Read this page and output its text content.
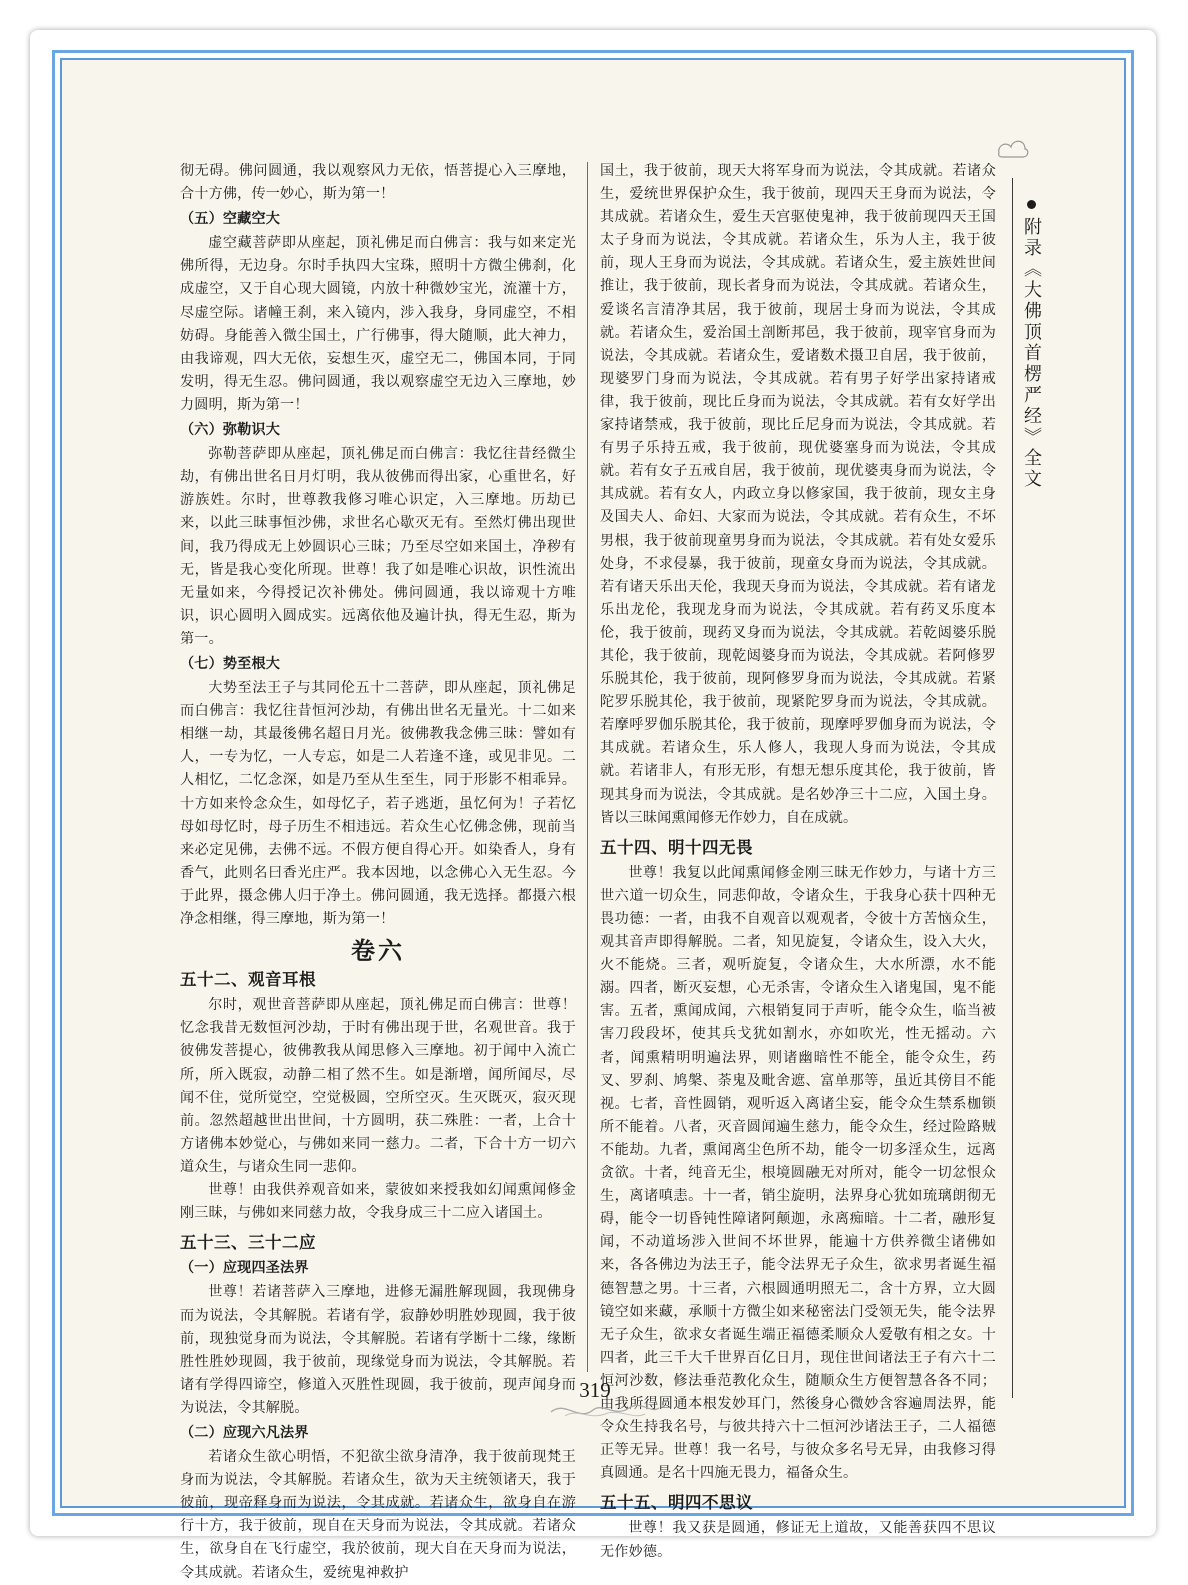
彻无碍。佛问圆通，我以观察风力无依，悟菩提心入三摩地，合十方佛，传一妙心，斯为第一！

（五）空藏空大

虚空藏菩萨即从座起，顶礼佛足而白佛言：我与如来定光佛所得，无边身。尔时手执四大宝珠，照明十方微尘佛刹，化成虚空，又于自心现大圆镜，内放十种微妙宝光，流灌十方，尽虚空际。诸幢王刹，来入镜内，涉入我身，身同虚空，不相妨碍。身能善入微尘国土，广行佛事，得大随顺，此大神力，由我谛观，四大无依，妄想生灭，虚空无二，佛国本同，于同发明，得无生忍。佛问圆通，我以观察虚空无边入三摩地，妙力圆明，斯为第一！

（六）弥勒识大

弥勒菩萨即从座起，顶礼佛足而白佛言：我忆往昔经微尘劫，有佛出世名日月灯明，我从彼佛而得出家，心重世名，好游族姓。尔时，世尊教我修习唯心识定，入三摩地。历劫已来，以此三昧事恒沙佛，求世名心歇灭无有。至然灯佛出现世间，我乃得成无上妙圆识心三昧；乃至尽空如来国土，净秽有无，皆是我心变化所现。世尊！我了如是唯心识故，识性流出无量如来，今得授记次补佛处。佛问圆通，我以谛观十方唯识，识心圆明入圆成实。远离依他及遍计执，得无生忍，斯为第一。

（七）势至根大

大势至法王子与其同伦五十二菩萨，即从座起，顶礼佛足而白佛言：我忆往昔恒河沙劫，有佛出世名无量光。十二如来相继一劫，其最後佛名超日月光。彼佛教我念佛三昧：譬如有人，一专为忆，一人专忘，如是二人若逢不逢，或见非见。二人相忆，二忆念深，如是乃至从生至生，同于形影不相乖异。十方如来怜念众生，如母忆子，若子逃逝，虽忆何为！子若忆母如母忆时，母子历生不相违远。若众生心忆佛念佛，现前当来必定见佛，去佛不远。不假方便自得心开。如染香人，身有香气，此则名曰香光庄严。我本因地，以念佛心入无生忍。今于此界，摄念佛人归于净土。佛问圆通，我无选择。都摄六根净念相继，得三摩地，斯为第一！

卷六

五十二、观音耳根

尔时，观世音菩萨即从座起，顶礼佛足而白佛言：世尊！忆念我昔无数恒河沙劫，于时有佛出现于世，名观世音。我于彼佛发菩提心，彼佛教我从闻思修入三摩地。初于闻中入流亡所，所入既寂，动静二相了然不生。如是渐增，闻所闻尽，尽闻不住，觉所觉空，空觉极圆，空所空灭。生灭既灭，寂灭现前。忽然超越世出世间，十方圆明，获二殊胜：一者，上合十方诸佛本妙觉心，与佛如来同一慈力。二者，下合十方一切六道众生，与诸众生同一悲仰。

世尊！由我供养观音如来，蒙彼如来授我如幻闻熏闻修金刚三昧，与佛如来同慈力故，令我身成三十二应入诸国土。

五十三、三十二应

（一）应现四圣法界

世尊！若诸菩萨入三摩地，进修无漏胜解现圆，我现佛身而为说法，令其解脱。若诸有学，寂静妙明胜妙现圆，我于彼前，现独觉身而为说法，令其解脱。若诸有学断十二缘，缘断胜性胜妙现圆，我于彼前，现缘觉身而为说法，令其解脱。若诸有学得四谛空，修道入灭胜性现圆，我于彼前，现声闻身而为说法，令其解脱。

（二）应现六凡法界

若诸众生欲心明悟，不犯欲尘欲身清净，我于彼前现梵王身而为说法，令其解脱。若诸众生，欲为天主统领诸天，我于彼前，现帝释身而为说法，令其成就。若诸众生，欲身自在游行十方，我于彼前，现自在天身而为说法，令其成就。若诸众生，欲身自在飞行虚空，我於彼前，现大自在天身而为说法，令其成就。若诸众生，爱统鬼神救护

国土，我于彼前，现天大将军身而为说法，令其成就。若诸众生，爱统世界保护众生，我于彼前，现四天王身而为说法，令其成就。若诸众生，爱生天宫驱使鬼神，我于彼前现四天王国太子身而为说法，令其成就。若诸众生，乐为人主，我于彼前，现人王身而为说法，令其成就。若诸众生，爱主族姓世间推让，我于彼前，现长者身而为说法，令其成就。若诸众生，爱谈名言清净其居，我于彼前，现居士身而为说法，令其成就。若诸众生，爱治国土剖断邦邑，我于彼前，现宰官身而为说法，令其成就。若诸众生，爱诸数术摄卫自居，我于彼前，现婆罗门身而为说法，令其成就。若有男子好学出家持诸戒律，我于彼前，现比丘身而为说法，令其成就。若有女好学出家持诸禁戒，我于彼前，现比丘尼身而为说法，令其成就。若有男子乐持五戒，我于彼前，现优婆塞身而为说法，令其成就。若有女子五戒自居，我于彼前，现优婆夷身而为说法，令其成就。若有女人，内政立身以修家国，我于彼前，现女主身及国夫人、命妇、大家而为说法，令其成就。若有众生，不坏男根，我于彼前现童男身而为说法，令其成就。若有处女爱乐处身，不求侵暴，我于彼前，现童女身而为说法，令其成就。若有诸天乐出天伦，我现天身而为说法，令其成就。若有诸龙乐出龙伦，我现龙身而为说法，令其成就。若有药叉乐度本伦，我于彼前，现药叉身而为说法，令其成就。若乾闼婆乐脱其伦，我于彼前，现乾闼婆身而为说法，令其成就。若阿修罗乐脱其伦，我于彼前，现阿修罗身而为说法，令其成就。若紧陀罗乐脱其伦，我于彼前，现紧陀罗身而为说法，令其成就。若摩呼罗伽乐脱其伦，我于彼前，现摩呼罗伽身而为说法，令其成就。若诸众生，乐人修人，我现人身而为说法，令其成就。若诸非人，有形无形，有想无想乐度其伦，我于彼前，皆现其身而为说法，令其成就。是名妙净三十二应，入国土身。皆以三昧闻熏闻修无作妙力，自在成就。

五十四、明十四无畏

世尊！我复以此闻熏闻修金刚三昧无作妙力，与诸十方三世六道一切众生，同悲仰故，令诸众生，于我身心获十四种无畏功德：一者，由我不自观音以观观者，令彼十方苦恼众生，观其音声即得解脱。二者，知见旋复，令诸众生，设入大火，火不能烧。三者，观听旋复，令诸众生，大水所漂，水不能溺。四者，断灭妄想，心无杀害，令诸众生入诸鬼国，鬼不能害。五者，熏闻成闻，六根销复同于声听，能令众生，临当被害刀段段坏，使其兵戈犹如割水，亦如吹光，性无摇动。六者，闻熏精明明遍法界，则诸幽暗性不能全，能令众生，药叉、罗刹、鸠槃、荼鬼及毗舍遮、富单那等，虽近其傍目不能视。七者，音性圆销，观听返入离诸尘妄，能令众生禁系枷锁所不能着。八者，灭音圆闻遍生慈力，能令众生，经过险路贼不能劫。九者，熏闻离尘色所不劫，能令一切多淫众生，远离贪欲。十者，纯音无尘，根境圆融无对所对，能令一切忿恨众生，离诸嗔恚。十一者，销尘旋明，法界身心犹如琉璃朗彻无碍，能令一切昏钝性障诸阿颠迦，永离痴暗。十二者，融形复闻，不动道场涉入世间不坏世界，能遍十方供养微尘诸佛如来，各各佛边为法王子，能令法界无子众生，欲求男者诞生福德智慧之男。十三者，六根圆通明照无二，含十方界，立大圆镜空如来藏，承顺十方微尘如来秘密法门受领无失，能令法界无子众生，欲求女者诞生端正福德柔顺众人爱敬有相之女。十四者，此三千大千世界百亿日月，现住世间诸法王子有六十二恒河沙数，修法垂范教化众生，随顺众生方便智慧各各不同；由我所得圆通本根发妙耳门，然後身心微妙含容遍周法界，能令众生持我名号，与彼共持六十二恒河沙诸法王子，二人福德正等无异。世尊！我一名号，与彼众多名号无异，由我修习得真圆通。是名十四施无畏力，福备众生。

五十五、明四不思议

世尊！我又获是圆通，修证无上道故，又能善获四不思议无作妙德。

附录《大佛顶首楞严经》全文
319
